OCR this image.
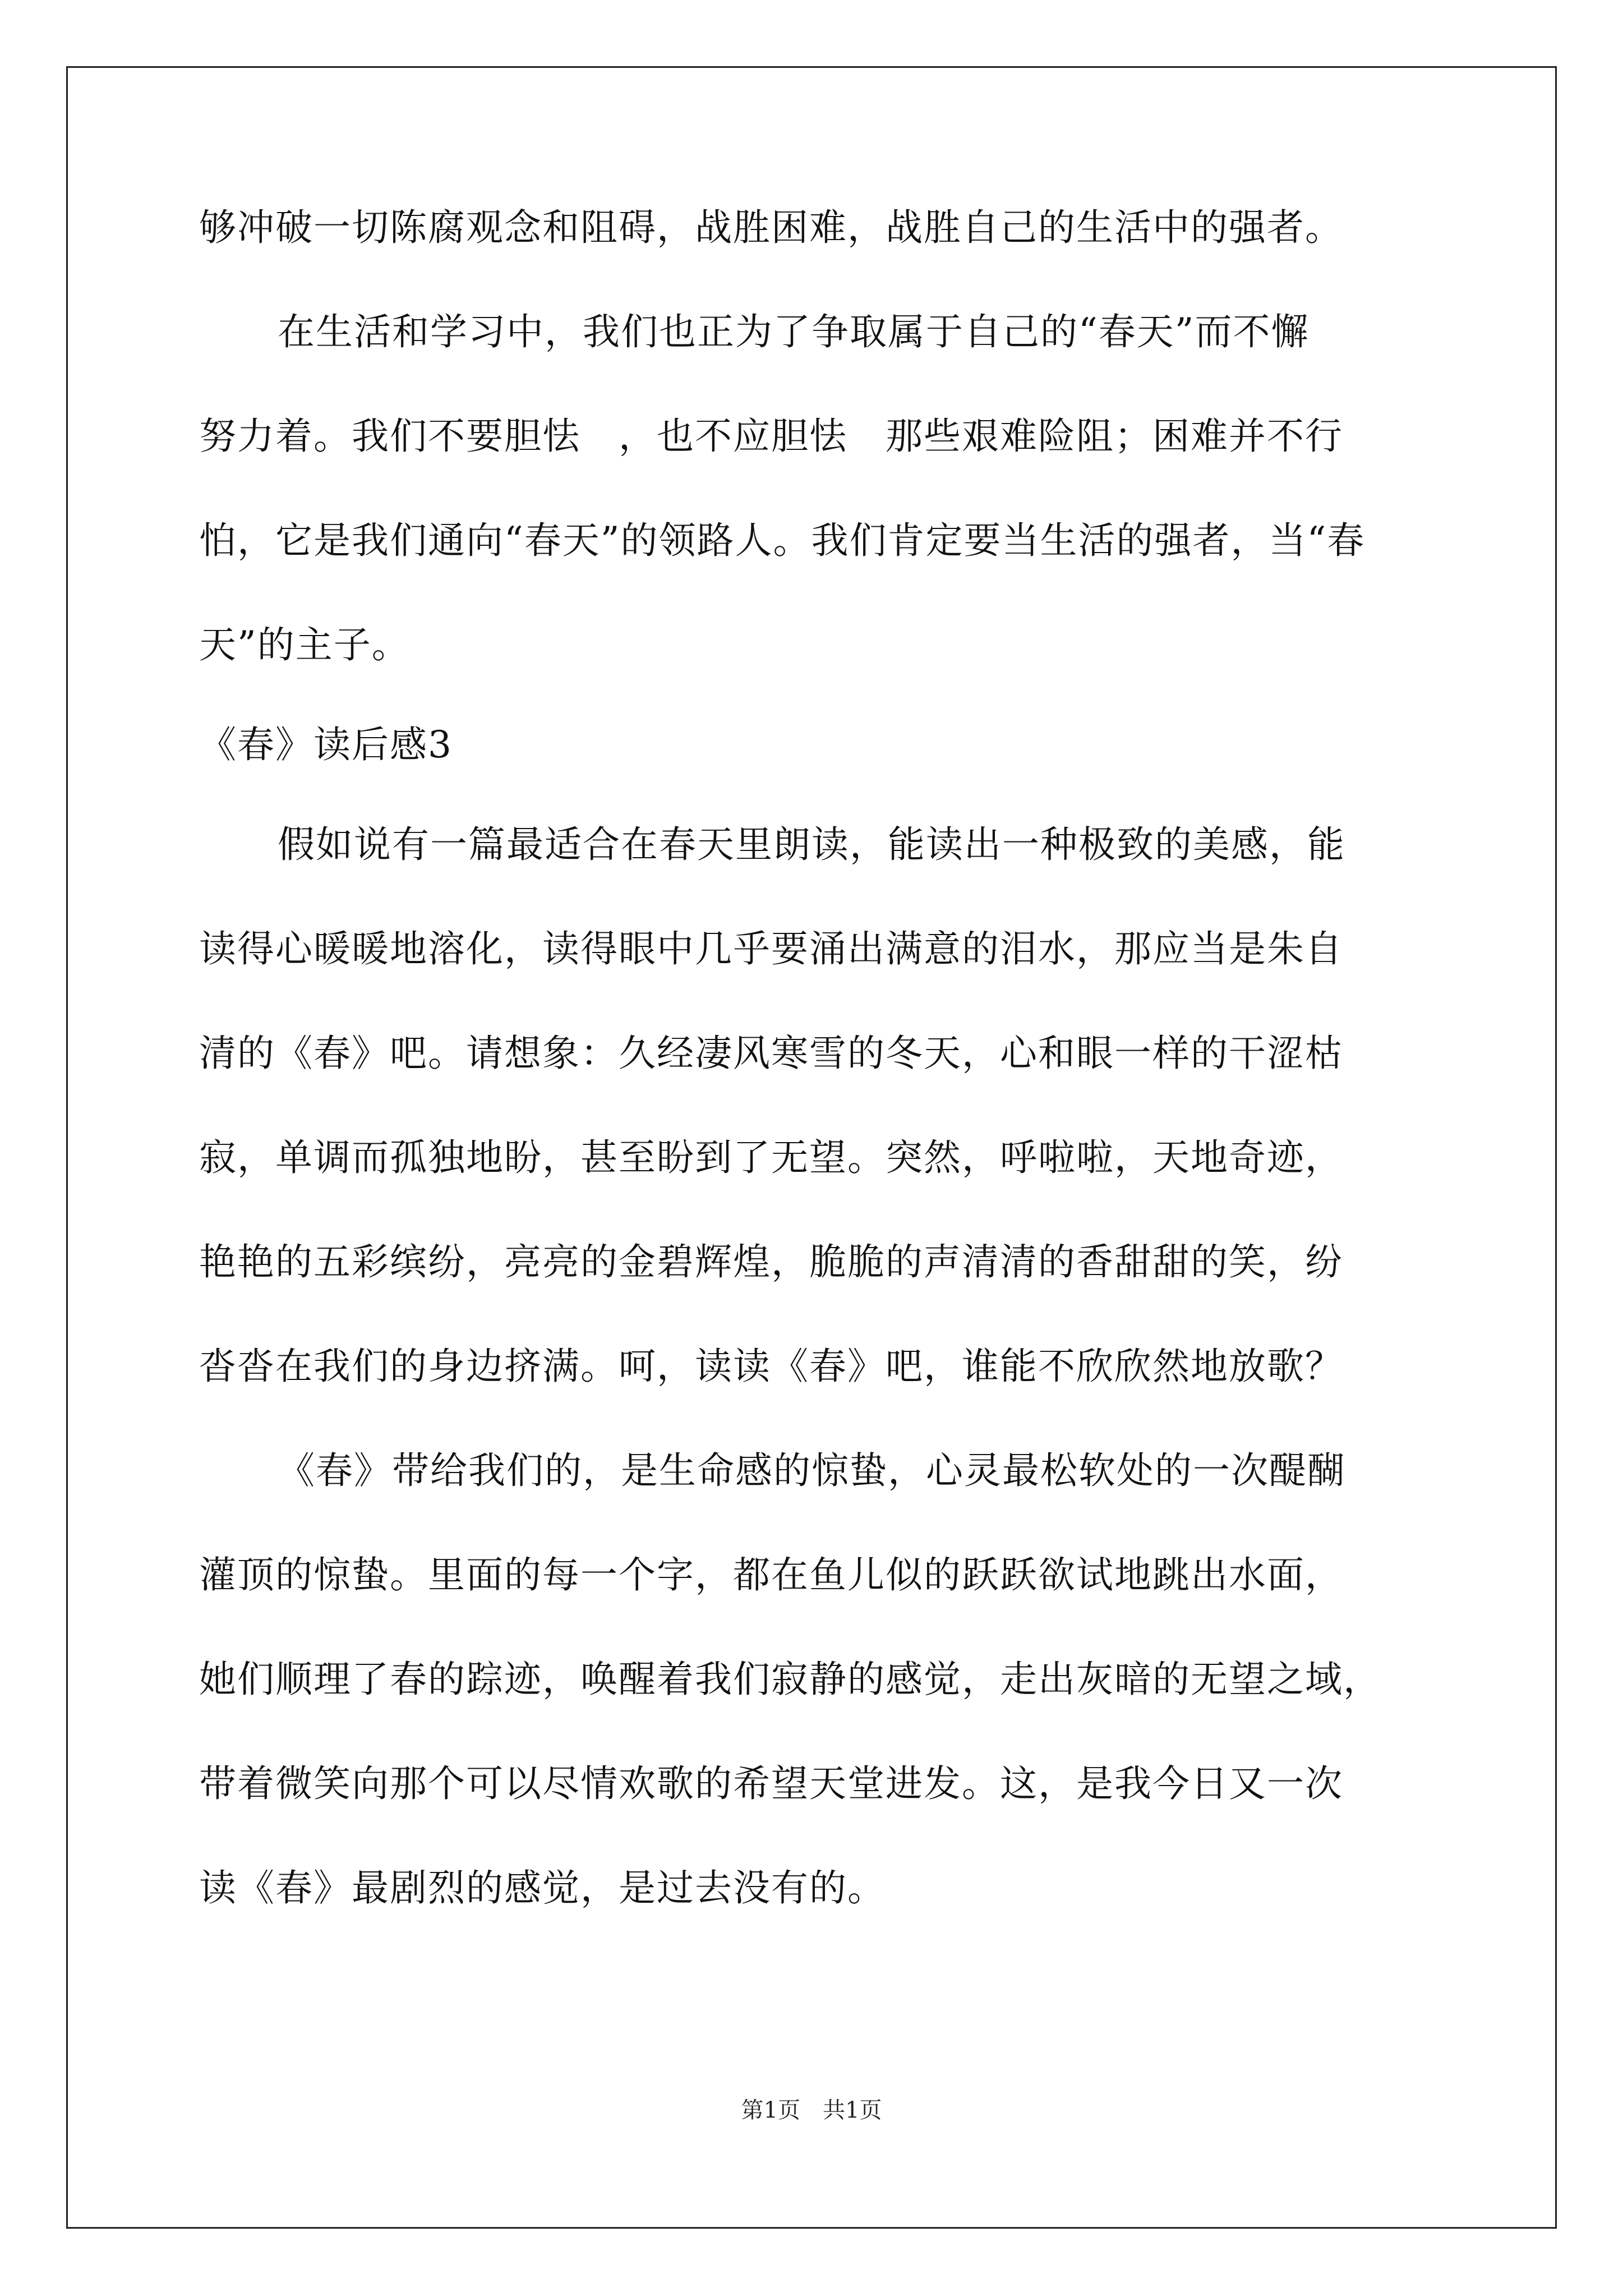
够冲破一切陈腐观念和阻碍，战胜困难，战胜自己的生活中的强者。
在生活和学习中，我们也正为了争取属于自己的“春天”而不懈
努力着。我们不要胆怯　，也不应胆怯　那些艰难险阻；困难并不行
怕，它是我们通向“春天”的领路人。我们肯定要当生活的强者，当“春
天”的主子。
《春》读后感3
假如说有一篇最适合在春天里朗读，能读出一种极致的美感，能
读得心暖暖地溶化，读得眼中几乎要涌出满意的泪水，那应当是朱自
清的《春》吧。请想象：久经凄风寒雪的冬天，心和眼一样的干涩枯
寂，单调而孤独地盼，甚至盼到了无望。突然，呼啦啦，天地奇迹，
艳艳的五彩缤纷，亮亮的金碧辉煌，脆脆的声清清的香甜甜的笑，纷
沓沓在我们的身边挤满。呵，读读《春》吧，谁能不欣欣然地放歌？
《春》带给我们的，是生命感的惊蛰，心灵最松软处的一次醍醐
灌顶的惊蛰。里面的每一个字，都在鱼儿似的跃跃欲试地跳出水面，
她们顺理了春的踪迹，唤醒着我们寂静的感觉，走出灰暗的无望之域，
带着微笑向那个可以尽情欢歌的希望天堂进发。这，是我今日又一次
读《春》最剧烈的感觉，是过去没有的。
第1页　共1页
